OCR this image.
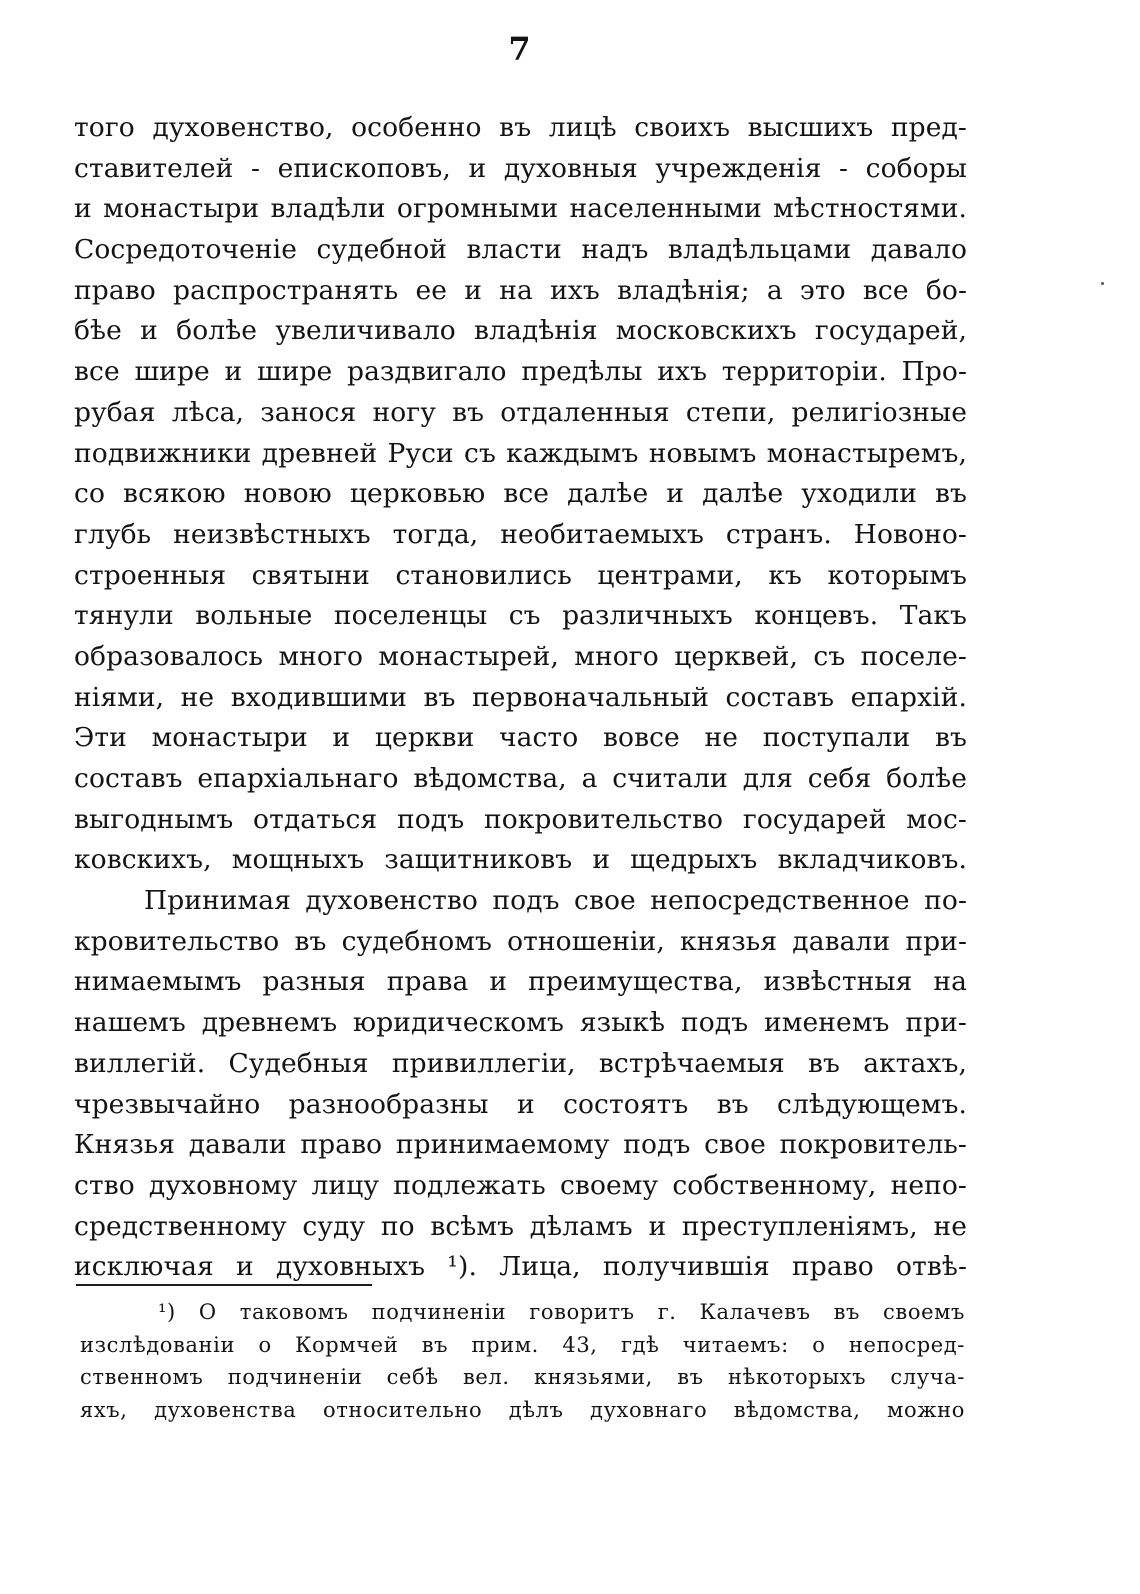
7
того духовенство, особенно въ лицѣ своихъ высшихъ пред-
ставителей - епископовъ, и духовныя учрежденія - соборы
и монастыри владѣли огромными населенными мѣстностями.
Сосредоточеніе судебной власти надъ владѣльцами давало
право распространять ее и на ихъ владѣнія; а это все бо-
бѣе и болѣе увеличивало владѣнія московскихъ государей,
все шире и шире раздвигало предѣлы ихъ территоріи. Про-
рубая лѣса, занося ногу въ отдаленныя степи, религіозные
подвижники древней Руси съ каждымъ новымъ монастыремъ,
со всякою новою церковью все далѣе и далѣе уходили въ
глубь неизвѣстныхъ тогда, необитаемыхъ странъ. Новоно-
строенныя святыни становились центрами, къ которымъ
тянули вольные поселенцы съ различныхъ концевъ. Такъ
образовалось много монастырей, много церквей, съ поселе-
ніями, не входившими въ первоначальный составъ епархій.
Эти монастыри и церкви часто вовсе не поступали въ
составъ епархіальнаго вѣдомства, а считали для себя болѣе
выгоднымъ отдаться подъ покровительство государей мос-
ковскихъ, мощныхъ защитниковъ и щедрыхъ вкладчиковъ.
Принимая духовенство подъ свое непосредственное по-
кровительство въ судебномъ отношеніи, князья давали при-
нимаемымъ разныя права и преимущества, извѣстныя на
нашемъ древнемъ юридическомъ языкѣ подъ именемъ при-
виллегій. Судебныя привиллегіи, встрѣчаемыя въ актахъ,
чрезвычайно разнообразны и состоятъ въ слѣдующемъ.
Князья давали право принимаемому подъ свое покровитель-
ство духовному лицу подлежать своему собственному, непо-
средственному суду по всѣмъ дѣламъ и преступленіямъ, не
исключая и духовныхъ ¹). Лица, получившія право отвѣ-
¹) О таковомъ подчиненіи говоритъ г. Калачевъ въ своемъ
изслѣдованіи о Кормчей въ прим. 43, гдѣ читаемъ: о непосред-
ственномъ подчиненіи себѣ вел. князьями, въ нѣкоторыхъ случа-
яхъ, духовенства относительно дѣлъ духовнаго вѣдомства, можно
